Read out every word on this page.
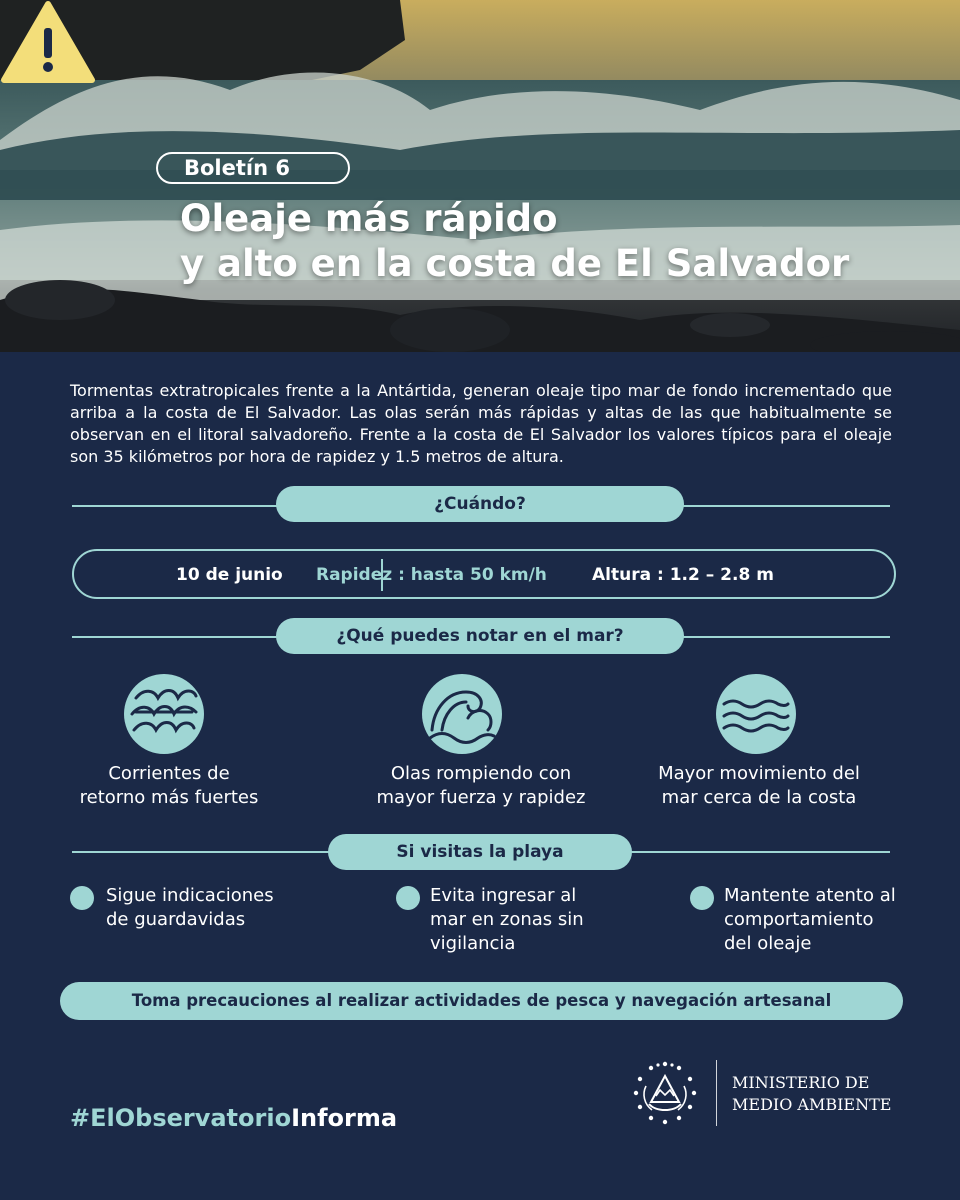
Boletín 6
Oleaje más rápido
y alto en la costa de El Salvador

Tormentas extratropicales frente a la Antártida, generan oleaje tipo mar de fondo incrementado que arriba a la costa de El Salvador. Las olas serán más rápidas y altas de las que habitualmente se observan en el litoral salvadoreño. Frente a la costa de El Salvador los valores típicos para el oleaje son 35 kilómetros por hora de rapidez y 1.5 metros de altura.

¿Cuándo?
10 de junio Rapidez : hasta 50 km/h	Altura : 1.2 – 2.8 m
¿Qué puedes notar en el mar?
Corrientes de
retorno más fuertes
Olas rompiendo con
mayor fuerza y rapidez
Mayor movimiento del
mar cerca de la costa
Si visitas la playa
Sigue indicaciones
de guardavidas
Evita ingresar al
mar en zonas sin
vigilancia
Mantente atento al
comportamiento
del oleaje
Toma precauciones al realizar actividades de pesca y navegación artesanal
#ElObservatorioInforma
MINISTERIO DE
MEDIO AMBIENTE
